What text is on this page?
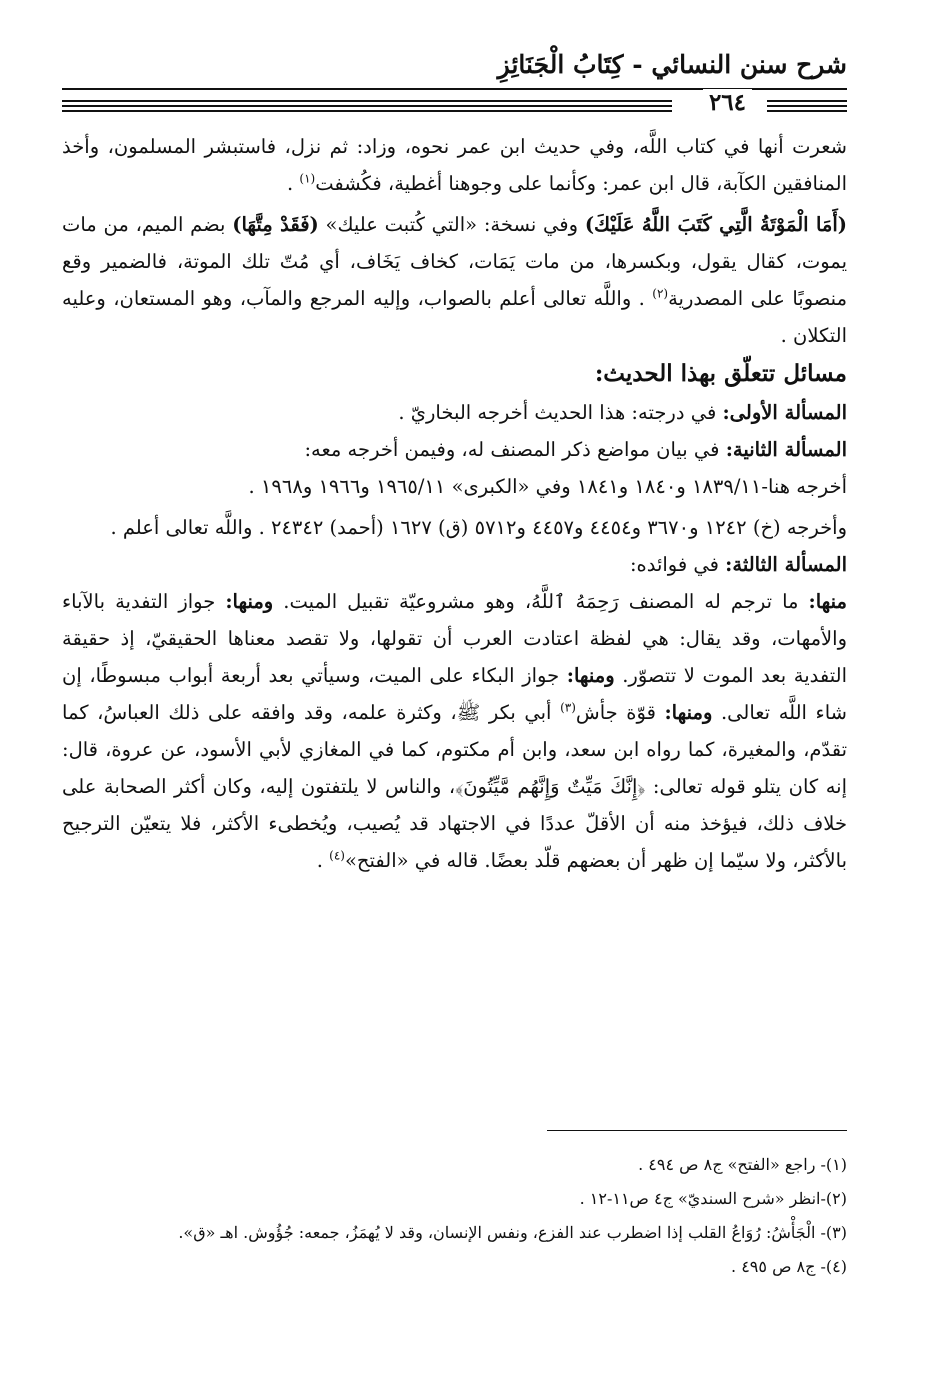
شرح سنن النسائي - كِتَابُ الْجَنَائِزِ
٢٦٤

شعرت أنها في كتاب اللَّه، وفي حديث ابن عمر نحوه، وزاد: ثم نزل، فاستبشر المسلمون، وأخذ المنافقين الكآبة، قال ابن عمر: وكأنما على وجوهنا أغطية، فكُشفت$^{(١)}$ .

(أَمَا الْمَوْتَةُ الَّتِي كَتَبَ اللَّهُ عَلَيْكَ) وفي نسخة: «التي كُتبت عليك» (فَقَدْ مِتَّهَا) بضم الميم، من مات يموت، كقال يقول، وبكسرها، من مات يَمَات، كخاف يَخَاف، أي مُتّ تلك الموتة، فالضمير وقع منصوبًا على المصدرية$^{(٢)}$ . واللَّه تعالى أعلم بالصواب، وإليه المرجع والمآب، وهو المستعان، وعليه التكلان .

مسائل تتعلّق بهذا الحديث:

المسألة الأولى: في درجته: هذا الحديث أخرجه البخاريّ .

المسألة الثانية: في بيان مواضع ذكر المصنف له، وفيمن أخرجه معه:

أخرجه هنا-١٨٣٩/١١ و١٨٤٠ و١٨٤١ وفي «الكبرى» ١٩٦٥/١١ و١٩٦٦ و١٩٦٨ .

وأخرجه (خ) ١٢٤٢ و٣٦٧٠ و٤٤٥٤ و٤٤٥٧ و٥٧١٢ (ق) ١٦٢٧ (أحمد) ٢٤٣٤٢ . واللَّه تعالى أعلم .

المسألة الثالثة: في فوائده:

منها: ما ترجم له المصنف رَحِمَهُ ٱللَّهُ، وهو مشروعيّة تقبيل الميت. ومنها: جواز التفدية بالآباء والأمهات، وقد يقال: هي لفظة اعتادت العرب أن تقولها، ولا تقصد معناها الحقيقيّ، إذ حقيقة التفدية بعد الموت لا تتصوّر. ومنها: جواز البكاء على الميت، وسيأتي بعد أربعة أبواب مبسوطًا، إن شاء اللَّه تعالى. ومنها: قوّة جأش$^{(٣)}$ أبي بكر ﷺ، وكثرة علمه، وقد وافقه على ذلك العباسُ، كما تقدّم، والمغيرة، كما رواه ابن سعد، وابن أم مكتوم، كما في المغازي لأبي الأسود، عن عروة، قال: إنه كان يتلو قوله تعالى: ﴿إِنَّكَ مَيِّتٌ وَإِنَّهُم مَّيِّتُونَ﴾، والناس لا يلتفتون إليه، وكان أكثر الصحابة على خلاف ذلك، فيؤخذ منه أن الأقلّ عددًا في الاجتهاد قد يُصيب، ويُخطىء الأكثر، فلا يتعيّن الترجيح بالأكثر، ولا سيّما إن ظهر أن بعضهم قلّد بعضًا. قاله في «الفتح»$^{(٤)}$ .

(١)- راجع «الفتح» ج٨ ص ٤٩٤ .

(٢)-انظر «شرح السنديّ» ج٤ ص١١-١٢ .

(٣)- الْجَأْشُ: رُوَاعُ القلب إذا اضطرب عند الفزع، ونفس الإنسان، وقد لا يُهمَزُ، جمعه: جُؤُوش. اهـ «ق».

(٤)- ج٨ ص ٤٩٥ .
